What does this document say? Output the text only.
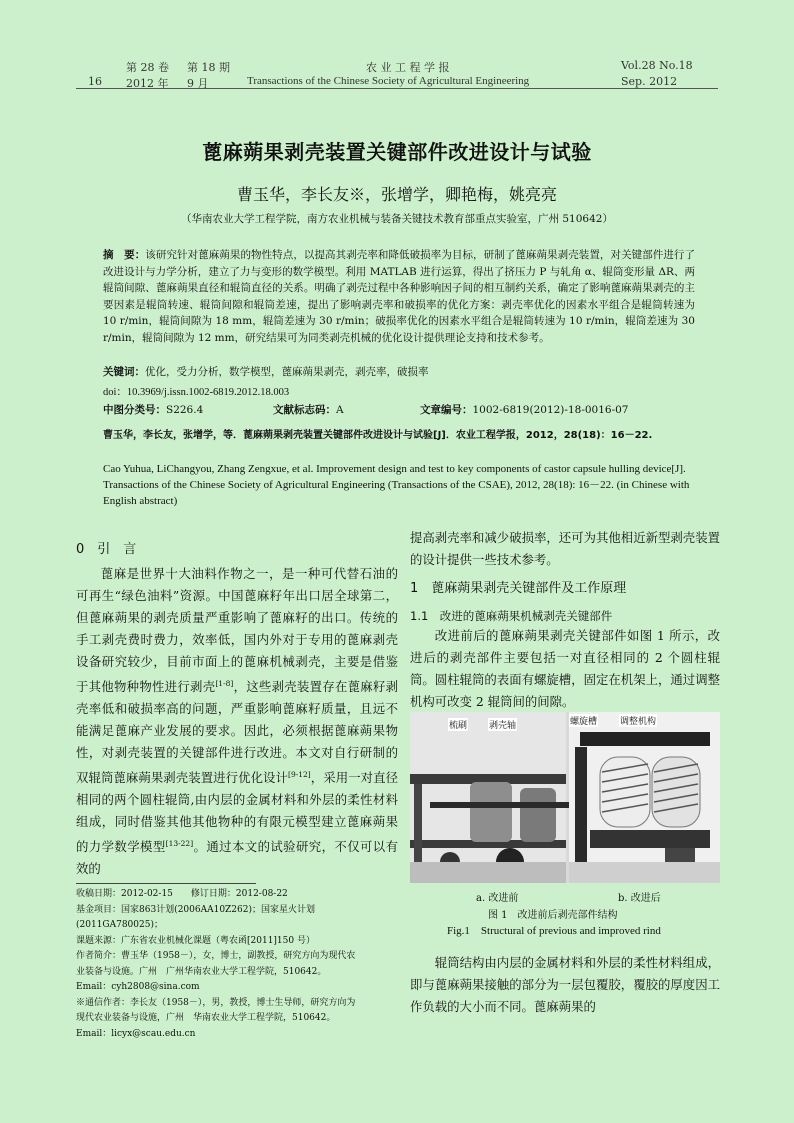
第 28 卷 第 18 期	农 业 工 程 学 报	Vol.28 No.18
16 2012 年 9 月	Transactions of the Chinese Society of Agricultural Engineering	Sep. 2012
蓖麻蒴果剥壳装置关键部件改进设计与试验
曹玉华，李长友※，张增学，卿艳梅，姚亮亮
（华南农业大学工程学院，南方农业机械与装备关键技术教育部重点实验室，广州 510642）
摘　要：该研究针对蓖麻蒴果的物性特点，以提高其剥壳率和降低破损率为目标，研制了蓖麻蒴果剥壳装置，对关键部件进行了改进设计与力学分析，建立了力与变形的数学模型。利用 MATLAB 进行运算，得出了挤压力 P 与轧角 α、辊筒变形量 ΔR、两辊筒间隙、蓖麻蒴果直径和辊筒直径的关系。明确了剥壳过程中各种影响因子间的相互制约关系，确定了影响蓖麻蒴果剥壳的主要因素是辊筒转速、辊筒间隙和辊筒差速，提出了影响剥壳率和破损率的优化方案：剥壳率优化的因素水平组合是辊筒转速为 10 r/min，辊筒间隙为 18 mm，辊筒差速为 30 r/min；破损率优化的因素水平组合是辊筒转速为 10 r/min，辊筒差速为 30 r/min，辊筒间隙为 12 mm，研究结果可为同类剥壳机械的优化设计提供理论支持和技术参考。
关键词：优化，受力分析，数学模型，蓖麻蒴果剥壳，剥壳率，破损率
doi：10.3969/j.issn.1002-6819.2012.18.003
中图分类号：S226.4	文献标志码：A	文章编号：1002-6819(2012)-18-0016-07
曹玉华，李长友，张增学，等．蓖麻蒴果剥壳装置关键部件改进设计与试验[J]．农业工程学报，2012，28(18)：16－22.
Cao Yuhua, LiChangyou, Zhang Zengxue, et al. Improvement design and test to key components of castor capsule hulling device[J]. Transactions of the Chinese Society of Agricultural Engineering (Transactions of the CSAE), 2012, 28(18): 16－22. (in Chinese with English abstract)
0　引　言
蓖麻是世界十大油料作物之一，是一种可代替石油的可再生“绿色油料”资源。中国蓖麻籽年出口居全球第二，但蓖麻蒴果的剥壳质量严重影响了蓖麻籽的出口。传统的手工剥壳费时费力，效率低，国内外对于专用的蓖麻剥壳设备研究较少，目前市面上的蓖麻机械剥壳，主要是借鉴于其他物种物性进行剥壳[1-8]，这些剥壳装置存在蓖麻籽剥壳率低和破损率高的问题，严重影响蓖麻籽质量，且远不能满足蓖麻产业发展的要求。因此，必须根据蓖麻蒴果物性，对剥壳装置的关键部件进行改进。本文对自行研制的双辊筒蓖麻蒴果剥壳装置进行优化设计[9-12]，采用一对直径相同的两个圆柱辊筒,由内层的金属材料和外层的柔性材料组成，同时借鉴其他其他物种的有限元模型建立蓖麻蒴果的力学数学模型[13-22]。通过本文的试验研究，不仅可以有效的
收稿日期：2012-02-15　　修订日期：2012-08-22
基金项目：国家863计划(2006AA10Z262)；国家星火计划(2011GA780025)；
课题来源：广东省农业机械化课题（粤农函[2011]150 号）
作者简介：曹玉华（1958－），女，博士，副教授，研究方向为现代农
业装备与设施。广州　广州华南农业大学工程学院，510642。
Email：cyh2808@sina.com
※通信作者：李长友（1958－），男，教授，博士生导师，研究方向为
现代农业装备与设施，广州　华南农业大学工程学院，510642。
Email：licyx@scau.edu.cn
提高剥壳率和减少破损率，还可为其他相近新型剥壳装置的设计提供一些技术参考。
1　蓖麻蒴果剥壳关键部件及工作原理
1.1　改进的蓖麻蒴果机械剥壳关键部件
改进前后的蓖麻蒴果剥壳关键部件如图 1 所示，改进后的剥壳部件主要包括一对直径相同的 2 个圆柱辊筒。圆柱辊筒的表面有螺旋槽，固定在机架上，通过调整机构可改变 2 辊筒间的间隙。
梳刷 剥壳轴	螺旋槽	调整机构
a. 改进前	b. 改进后
图 1　改进前后剥壳部件结构
Fig.1　Structural of previous and improved rind
辊筒结构由内层的金属材料和外层的柔性材料组成，即与蓖麻蒴果接触的部分为一层包覆胶，覆胶的厚度因工作负载的大小而不同。蓖麻蒴果的
